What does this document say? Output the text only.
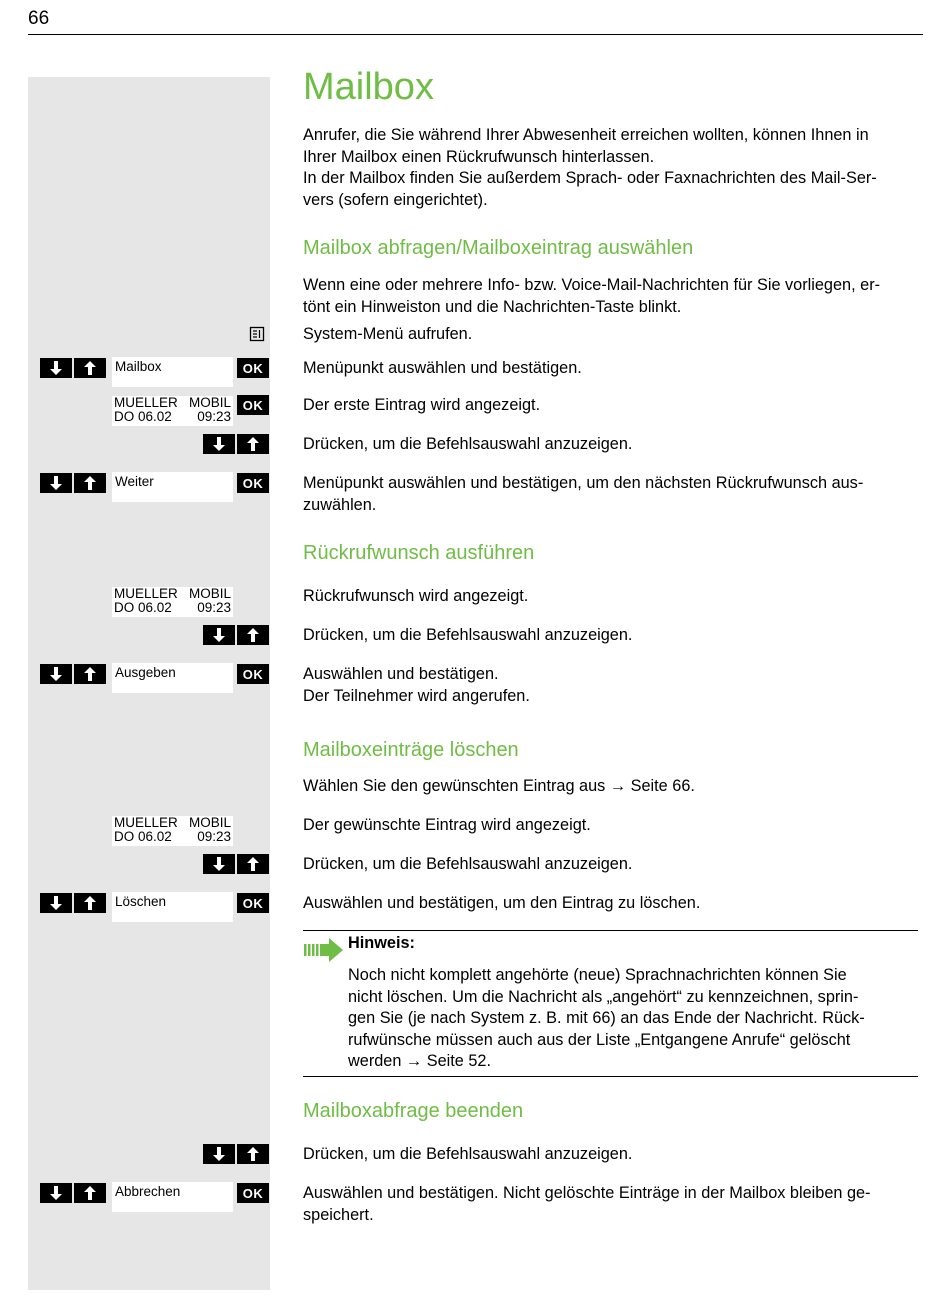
66
Mailbox
Anrufer, die Sie während Ihrer Abwesenheit erreichen wollten, können Ihnen in
Ihrer Mailbox einen Rückrufwunsch hinterlassen.
In der Mailbox finden Sie außerdem Sprach- oder Faxnachrichten des Mail-Ser-
vers (sofern eingerichtet).
Mailbox abfragen/Mailboxeintrag auswählen
Wenn eine oder mehrere Info- bzw. Voice-Mail-Nachrichten für Sie vorliegen, er-
tönt ein Hinweiston und die Nachrichten-Taste blinkt.
System-Menü aufrufen.
Mailbox	OK	Menüpunkt auswählen und bestätigen.
MUELLER MOBIL
DO 06.02 09:23
OK	Der erste Eintrag wird angezeigt.
Drücken, um die Befehlsauswahl anzuzeigen.
Weiter	OK	Menüpunkt auswählen und bestätigen, um den nächsten Rückrufwunsch aus-
zuwählen.
Rückrufwunsch ausführen
MUELLER MOBIL
DO 06.02 09:23
Rückrufwunsch wird angezeigt.
Drücken, um die Befehlsauswahl anzuzeigen.
Ausgeben	OK	Auswählen und bestätigen.
Der Teilnehmer wird angerufen.
Mailboxeinträge löschen
Wählen Sie den gewünschten Eintrag aus → Seite 66.
MUELLER MOBIL
DO 06.02 09:23
Der gewünschte Eintrag wird angezeigt.
Drücken, um die Befehlsauswahl anzuzeigen.
Löschen	OK	Auswählen und bestätigen, um den Eintrag zu löschen.
Hinweis:
Noch nicht komplett angehörte (neue) Sprachnachrichten können Sie
nicht löschen. Um die Nachricht als „angehört“ zu kennzeichnen, sprin-
gen Sie (je nach System z. B. mit 66) an das Ende der Nachricht. Rück-
rufwünsche müssen auch aus der Liste „Entgangene Anrufe“ gelöscht
werden → Seite 52.
Mailboxabfrage beenden
Drücken, um die Befehlsauswahl anzuzeigen.
Abbrechen	OK	Auswählen und bestätigen. Nicht gelöschte Einträge in der Mailbox bleiben ge-
speichert.
